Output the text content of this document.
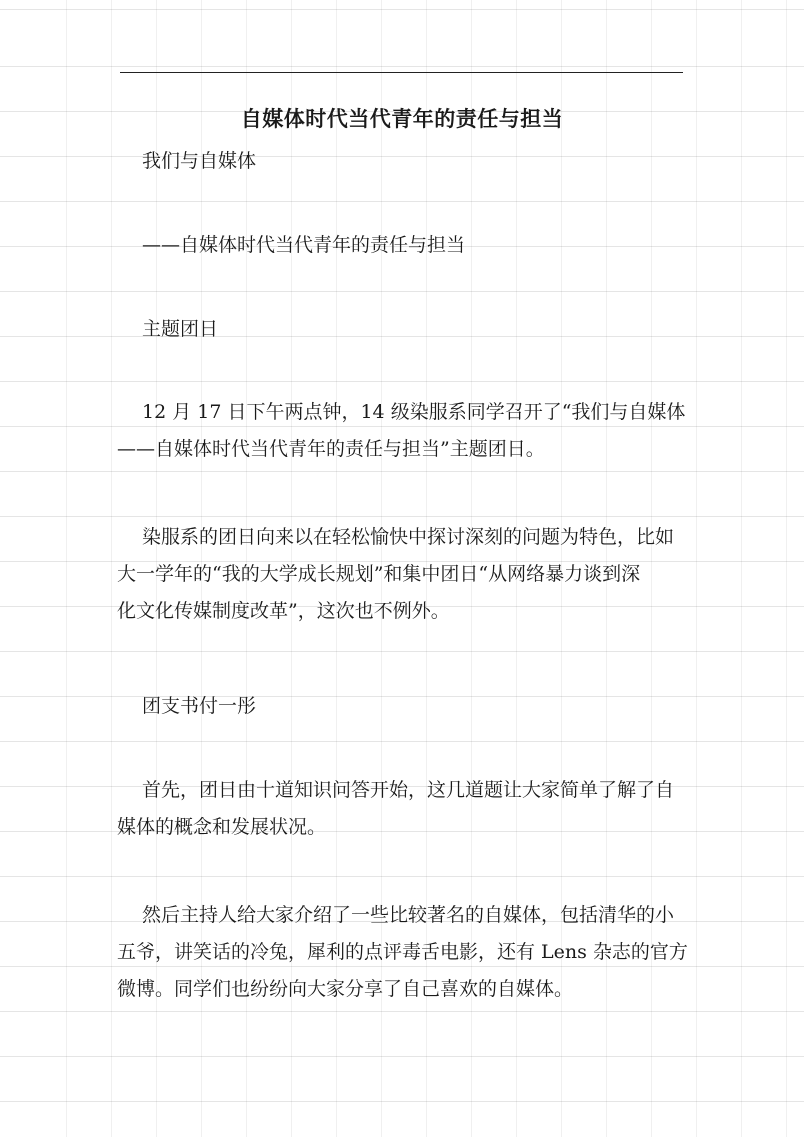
自媒体时代当代青年的责任与担当
我们与自媒体
——自媒体时代当代青年的责任与担当
主题团日
12 月 17 日下午两点钟，14 级染服系同学召开了“我们与自媒体
——自媒体时代当代青年的责任与担当”主题团日。
染服系的团日向来以在轻松愉快中探讨深刻的问题为特色，比如
大一学年的“我的大学成长规划”和集中团日“从网络暴力谈到深
化文化传媒制度改革”，这次也不例外。
团支书付一彤
首先，团日由十道知识问答开始，这几道题让大家简单了解了自
媒体的概念和发展状况。
然后主持人给大家介绍了一些比较著名的自媒体，包括清华的小
五爷，讲笑话的冷兔，犀利的点评毒舌电影，还有 Lens 杂志的官方
微博。同学们也纷纷向大家分享了自己喜欢的自媒体。
